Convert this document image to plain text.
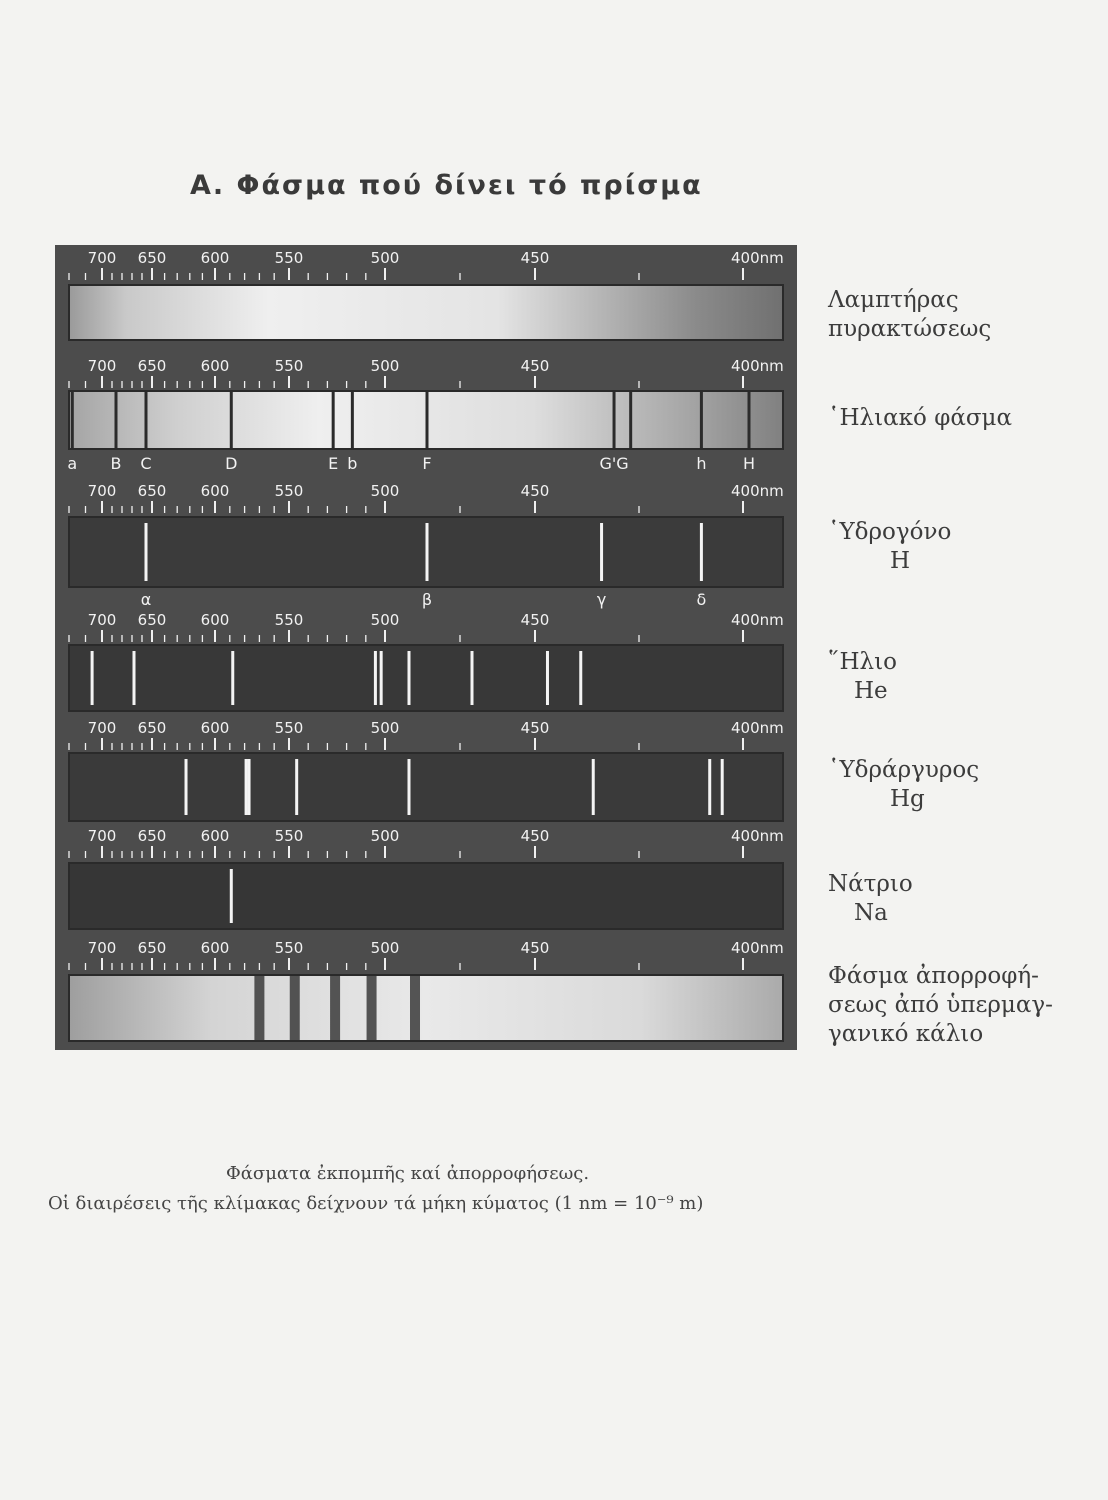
Α. Φάσμα πού δίνει τό πρίσμα
700 650 600	550	500	450	400nm
700 650 600	550	500	450	400nm
700 650 600	550	500	450	400nm
700 650 600	550	500	450	400nm
700 650 600	550	500	450	400nm
700 650 600	550	500	450	400nm
700 650 600	550	500	450	400nm
a B C	D	E b	F	G'G	h H
α	β	γ	δ
Λαμπτήρας
πυρακτώσεως
῾Ηλιακό φάσμα
῾Υδρογόνο
H
῞Ηλιο
He
῾Υδράργυρος
Hg
Νάτριο
Na
Φάσμα ἀπορροφή-
σεως ἀπό ὑπερμαγ-
γανικό κάλιο
Φάσματα ἐκπομπῆς καί ἀπορροφήσεως.
Οἱ διαιρέσεις τῆς κλίμακας δείχνουν τά μήκη κύματος (1 nm = 10⁻⁹ m)
